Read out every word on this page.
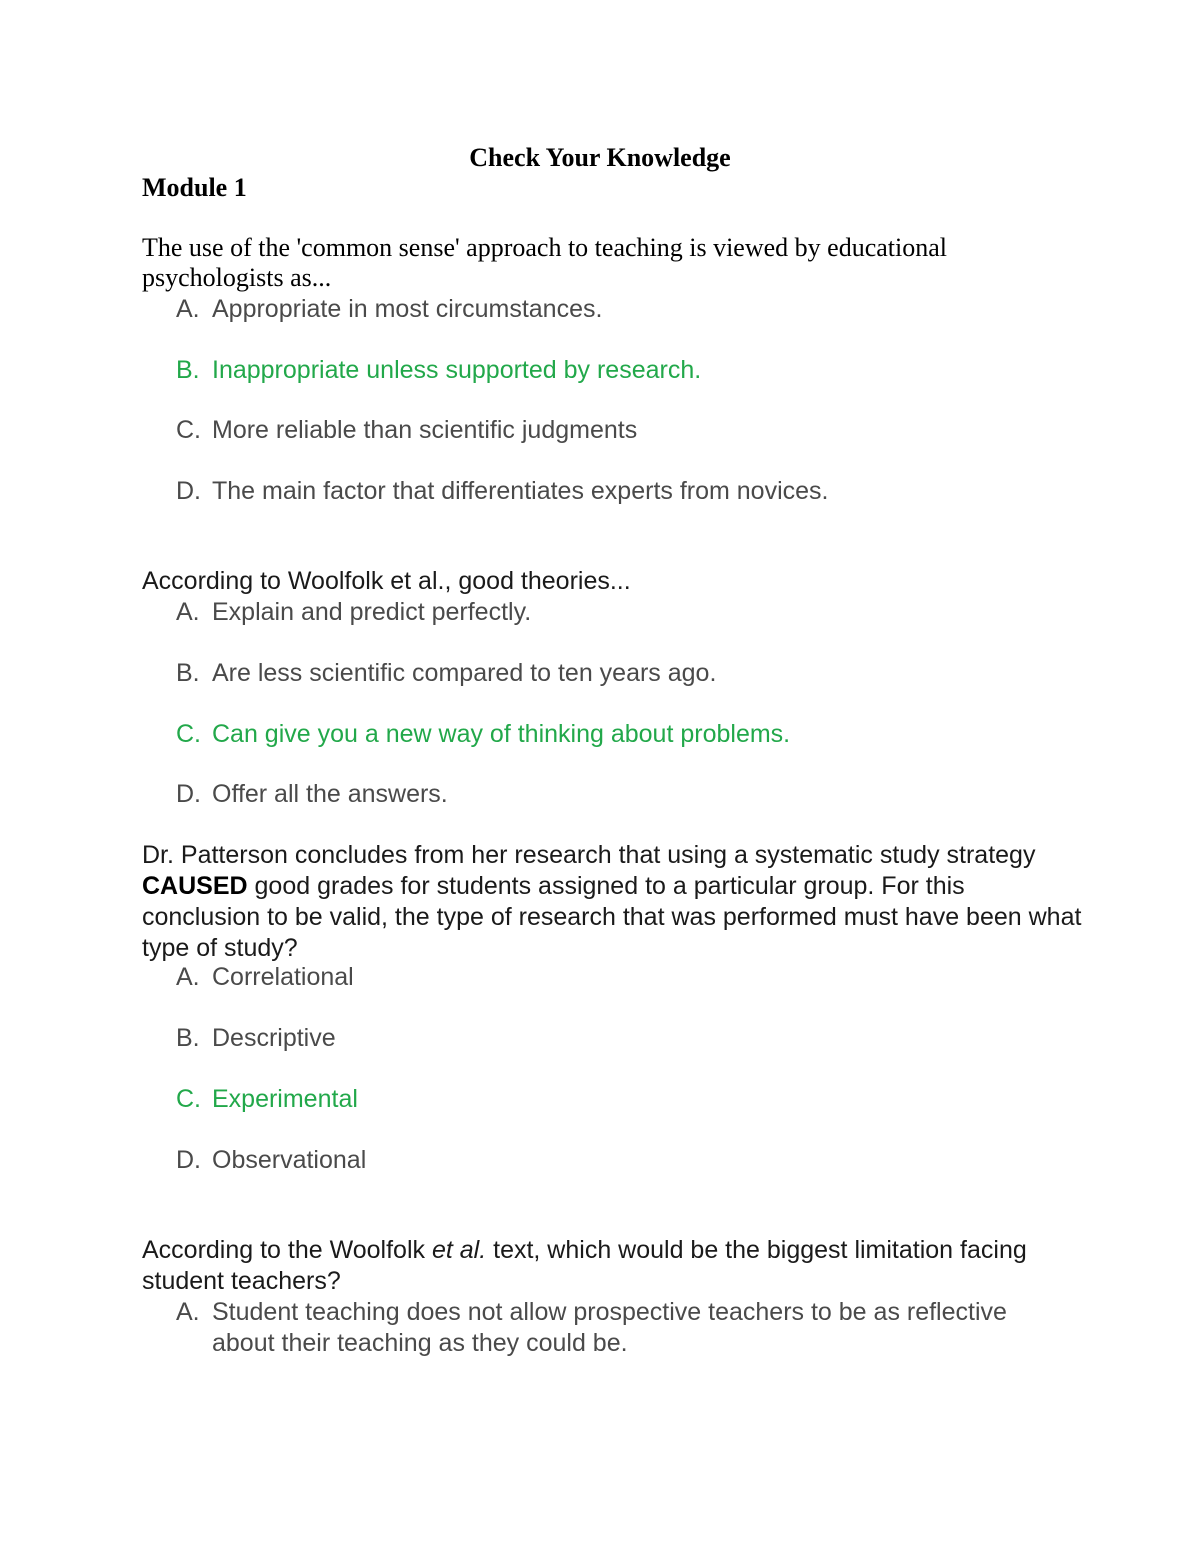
Check Your Knowledge
Module 1
The use of the 'common sense' approach to teaching is viewed by educational psychologists as...
A. Appropriate in most circumstances.
B. Inappropriate unless supported by research.
C. More reliable than scientific judgments
D. The main factor that differentiates experts from novices.
According to Woolfolk et al., good theories...
A. Explain and predict perfectly.
B. Are less scientific compared to ten years ago.
C. Can give you a new way of thinking about problems.
D. Offer all the answers.
Dr. Patterson concludes from her research that using a systematic study strategy CAUSED good grades for students assigned to a particular group. For this conclusion to be valid, the type of research that was performed must have been what type of study?
A. Correlational
B. Descriptive
C. Experimental
D. Observational
According to the Woolfolk et al. text, which would be the biggest limitation facing student teachers?
A. Student teaching does not allow prospective teachers to be as reflective about their teaching as they could be.
